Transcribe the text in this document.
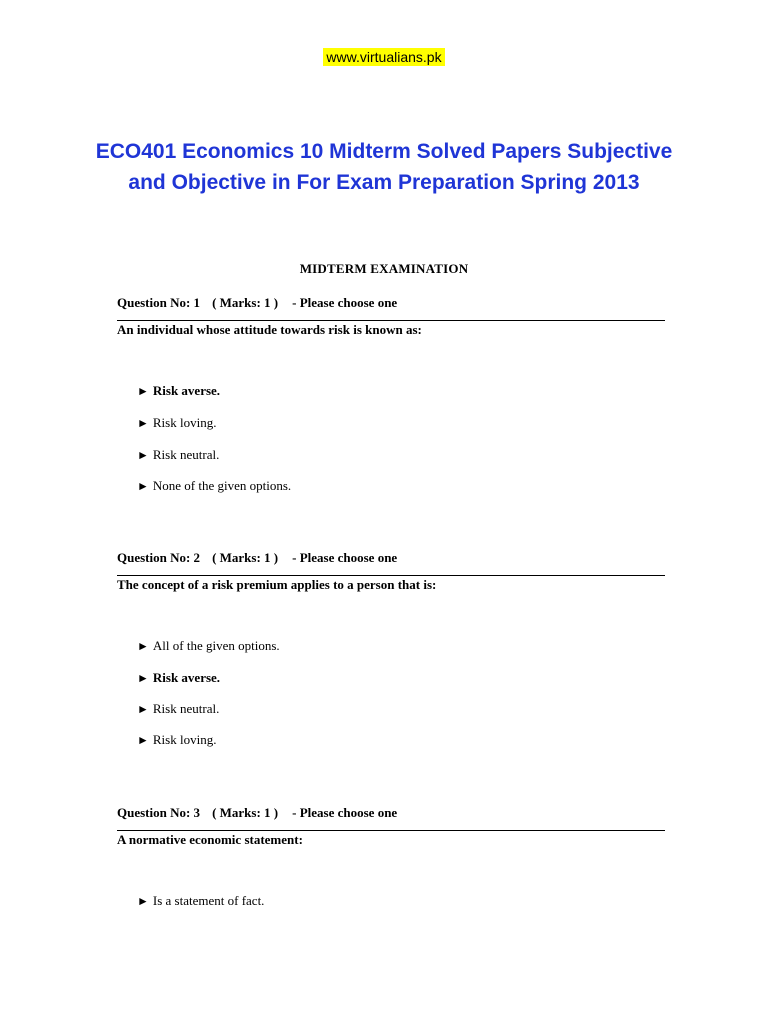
www.virtualians.pk
ECO401 Economics 10 Midterm Solved Papers Subjective
and Objective in For Exam Preparation Spring 2013
MIDTERM EXAMINATION
Question No: 1 ( Marks: 1 ) - Please choose one
An individual whose attitude towards risk is known as:
► Risk averse.
► Risk loving.
► Risk neutral.
► None of the given options.
Question No: 2 ( Marks: 1 ) - Please choose one
The concept of a risk premium applies to a person that is:
► All of the given options.
► Risk averse.
► Risk neutral.
► Risk loving.
Question No: 3 ( Marks: 1 ) - Please choose one
A normative economic statement:
► Is a statement of fact.
